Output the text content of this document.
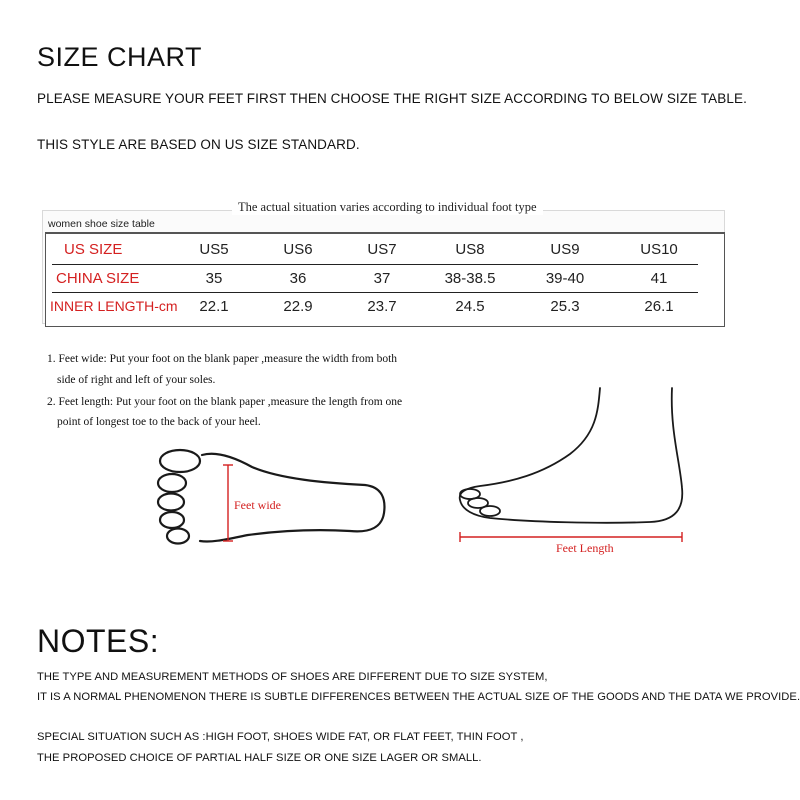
SIZE CHART
PLEASE MEASURE YOUR FEET FIRST THEN CHOOSE THE RIGHT SIZE ACCORDING TO BELOW SIZE TABLE.
THIS STYLE ARE BASED ON US SIZE STANDARD.
The actual situation varies according to individual foot type
women shoe size table
US SIZE	US5	US6	US7	US8	US9	US10
CHINA SIZE	35	36	37	38-38.5	39-40	41
INNER LENGTH-cm	22.1	22.9	23.7	24.5	25.3	26.1
1. Feet wide: Put your foot on the blank paper ,measure the width from both
side of right and left of your soles.
2. Feet length: Put your foot on the blank paper ,measure the length from one
point of longest toe to the back of your heel.
Feet wide
Feet Length
NOTES:
THE TYPE AND MEASUREMENT METHODS OF SHOES ARE DIFFERENT DUE TO SIZE SYSTEM,
IT IS A NORMAL PHENOMENON THERE IS SUBTLE DIFFERENCES BETWEEN THE ACTUAL SIZE OF THE GOODS AND THE DATA WE PROVIDE.
SPECIAL SITUATION SUCH AS :HIGH FOOT, SHOES WIDE FAT, OR FLAT FEET, THIN FOOT ,
THE PROPOSED CHOICE OF PARTIAL HALF SIZE OR ONE SIZE LAGER OR SMALL.
